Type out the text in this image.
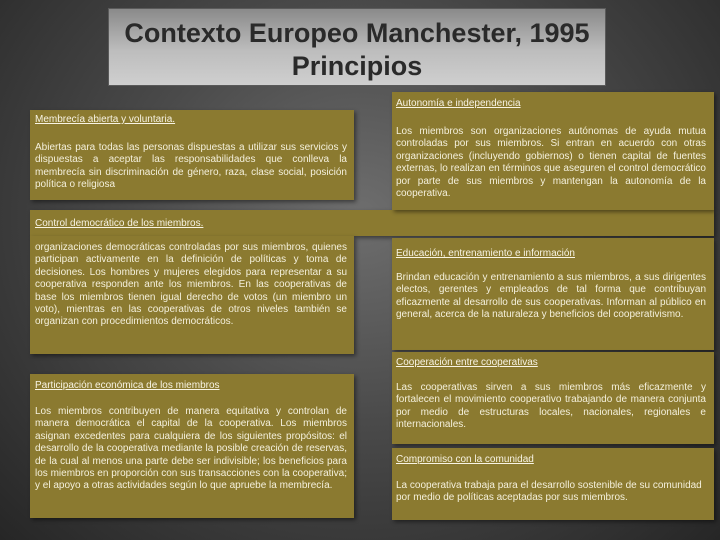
Contexto Europeo Manchester, 1995
Principios
Membrecía abierta y voluntaria.
Abiertas para todas las personas dispuestas a utilizar sus servicios y dispuestas a aceptar las responsabilidades que conlleva la membrecía sin discriminación de género, raza, clase social, posición política o religiosa
Control democrático de los miembros.
organizaciones democráticas controladas por sus miembros, quienes participan activamente en la definición de políticas y toma de decisiones. Los hombres y mujeres elegidos para representar a su cooperativa responden ante los miembros. En las cooperativas de base los miembros tienen igual derecho de votos (un miembro un voto), mientras en las cooperativas de otros niveles también se organizan con procedimientos democráticos.
Participación económica de los miembros
Los miembros contribuyen de manera equitativa y controlan de manera democrática el capital de la cooperativa. Los miembros asignan excedentes para cualquiera de los siguientes propósitos: el desarrollo de la cooperativa mediante la posible creación de reservas, de la cual al menos una parte debe ser indivisible; los beneficios para los miembros en proporción con sus transacciones con la cooperativa; y el apoyo a otras actividades según lo que apruebe la membrecía.
Autonomía e independencia
Los miembros son organizaciones autónomas de ayuda mutua controladas por sus miembros. Si entran en acuerdo con otras organizaciones (incluyendo gobiernos) o tienen capital de fuentes externas, lo realizan en términos que aseguren el control democrático por parte de sus miembros y mantengan la autonomía de la cooperativa.
Educación, entrenamiento e información
Brindan educación y entrenamiento a sus miembros, a sus dirigentes electos, gerentes y empleados de tal forma que contribuyan eficazmente al desarrollo de sus cooperativas. Informan al público en general, acerca de la naturaleza y beneficios del cooperativismo.
Cooperación entre cooperativas
Las cooperativas sirven a sus miembros más eficazmente y fortalecen el movimiento cooperativo trabajando de manera conjunta por medio de estructuras locales, nacionales, regionales e internacionales.
Compromiso con la comunidad
La cooperativa trabaja para el desarrollo sostenible de su comunidad por medio de políticas aceptadas por sus miembros.
